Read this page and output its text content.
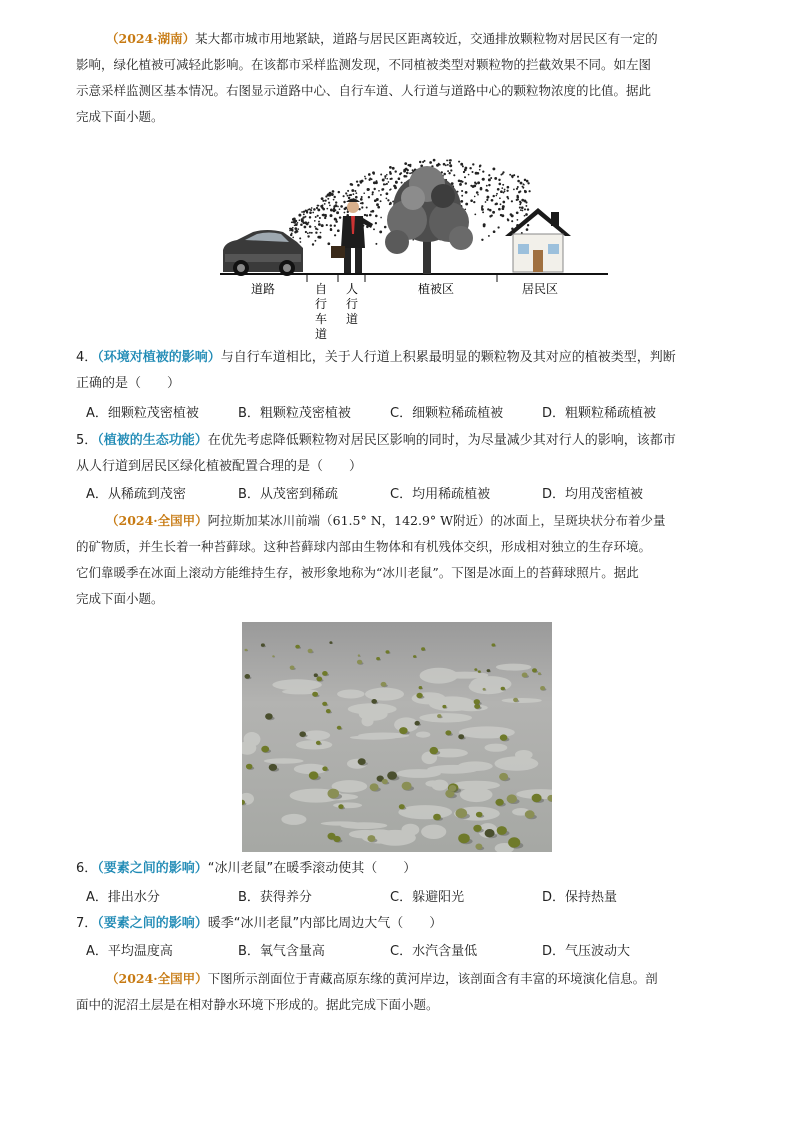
（2024·湖南）某大都市城市用地紧缺，道路与居民区距离较近，交通排放颗粒物对居民区有一定的
影响，绿化植被可减轻此影响。在该都市采样监测发现，不同植被类型对颗粒物的拦截效果不同。如左图
示意采样监测区基本情况。右图显示道路中心、自行车道、人行道与道路中心的颗粒物浓度的比值。据此
完成下面小题。
道路	自
行
车
道
人
行
道
植被区	居民区
4．（环境对植被的影响）与自行车道相比，关于人行道上积累最明显的颗粒物及其对应的植被类型，判断
正确的是（　　）
A．细颗粒茂密植被	B．粗颗粒茂密植被	C．细颗粒稀疏植被	D．粗颗粒稀疏植被
5．（植被的生态功能）在优先考虑降低颗粒物对居民区影响的同时，为尽量减少其对行人的影响，该都市
从人行道到居民区绿化植被配置合理的是（　　）
A．从稀疏到茂密	B．从茂密到稀疏	C．均用稀疏植被	D．均用茂密植被
（2024·全国甲）阿拉斯加某冰川前端（61.5° N，142.9° W附近）的冰面上，呈斑块状分布着少量
的矿物质，并生长着一种苔藓球。这种苔藓球内部由生物体和有机残体交织，形成相对独立的生存环境。
它们靠暖季在冰面上滚动方能维持生存，被形象地称为“冰川老鼠”。下图是冰面上的苔藓球照片。据此
完成下面小题。
6．（要素之间的影响）“冰川老鼠”在暖季滚动使其（　　）
A．排出水分	B．获得养分	C．躲避阳光	D．保持热量
7．（要素之间的影响）暖季“冰川老鼠”内部比周边大气（　　）
A．平均温度高	B．氧气含量高	C．水汽含量低	D．气压波动大
（2024·全国甲）下图所示剖面位于青藏高原东缘的黄河岸边，该剖面含有丰富的环境演化信息。剖
面中的泥沼土层是在相对静水环境下形成的。据此完成下面小题。
